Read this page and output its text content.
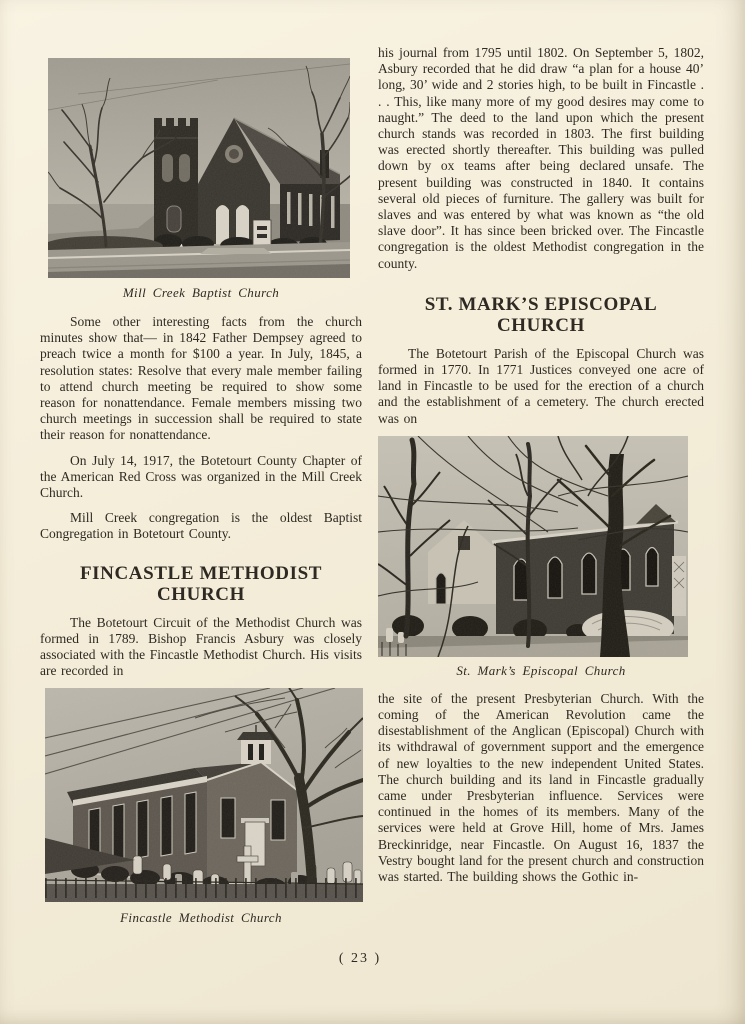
Mill Creek Baptist Church

Some other interesting facts from the church minutes show that— in 1842 Father Dempsey agreed to preach twice a month for $100 a year. In July, 1845, a resolution states: Resolve that every male member failing to attend church meeting be required to show some reason for nonattendance. Female members missing two church meetings in succession shall be required to state their reason for nonattendance.

On July 14, 1917, the Botetourt County Chapter of the American Red Cross was organized in the Mill Creek Church.

Mill Creek congregation is the oldest Baptist Congregation in Botetourt County.

FINCASTLE METHODIST
CHURCH

The Botetourt Circuit of the Methodist Church was formed in 1789. Bishop Francis Asbury was closely associated with the Fincastle Methodist Church. His visits are recorded in

Fincastle Methodist Church

his journal from 1795 until 1802. On September 5, 1802, Asbury recorded that he did draw “a plan for a house 40’ long, 30’ wide and 2 stories high, to be built in Fincastle . . . This, like many more of my good desires may come to naught.” The deed to the land upon which the present church stands was recorded in 1803. The first building was erected shortly thereafter. This building was pulled down by ox teams after being declared unsafe. The present building was constructed in 1840. It contains several old pieces of furniture. The gallery was built for slaves and was entered by what was known as “the old slave door”. It has since been bricked over. The Fincastle congregation is the oldest Methodist congregation in the county.

ST. MARK’S EPISCOPAL
CHURCH

The Botetourt Parish of the Episcopal Church was formed in 1770. In 1771 Justices conveyed one acre of land in Fincastle to be used for the erection of a church and the establishment of a cemetery. The church erected was on

St. Mark’s Episcopal Church

the site of the present Presbyterian Church. With the coming of the American Revolution came the disestablishment of the Anglican (Episcopal) Church with its withdrawal of government support and the emergence of new loyalties to the new independent United States. The church building and its land in Fincastle gradually came under Presbyterian influence. Services were continued in the homes of its members. Many of the services were held at Grove Hill, home of Mrs. James Breckinridge, near Fincastle. On August 16, 1837 the Vestry bought land for the present church and construction was started. The building shows the Gothic in-

( 23 )
